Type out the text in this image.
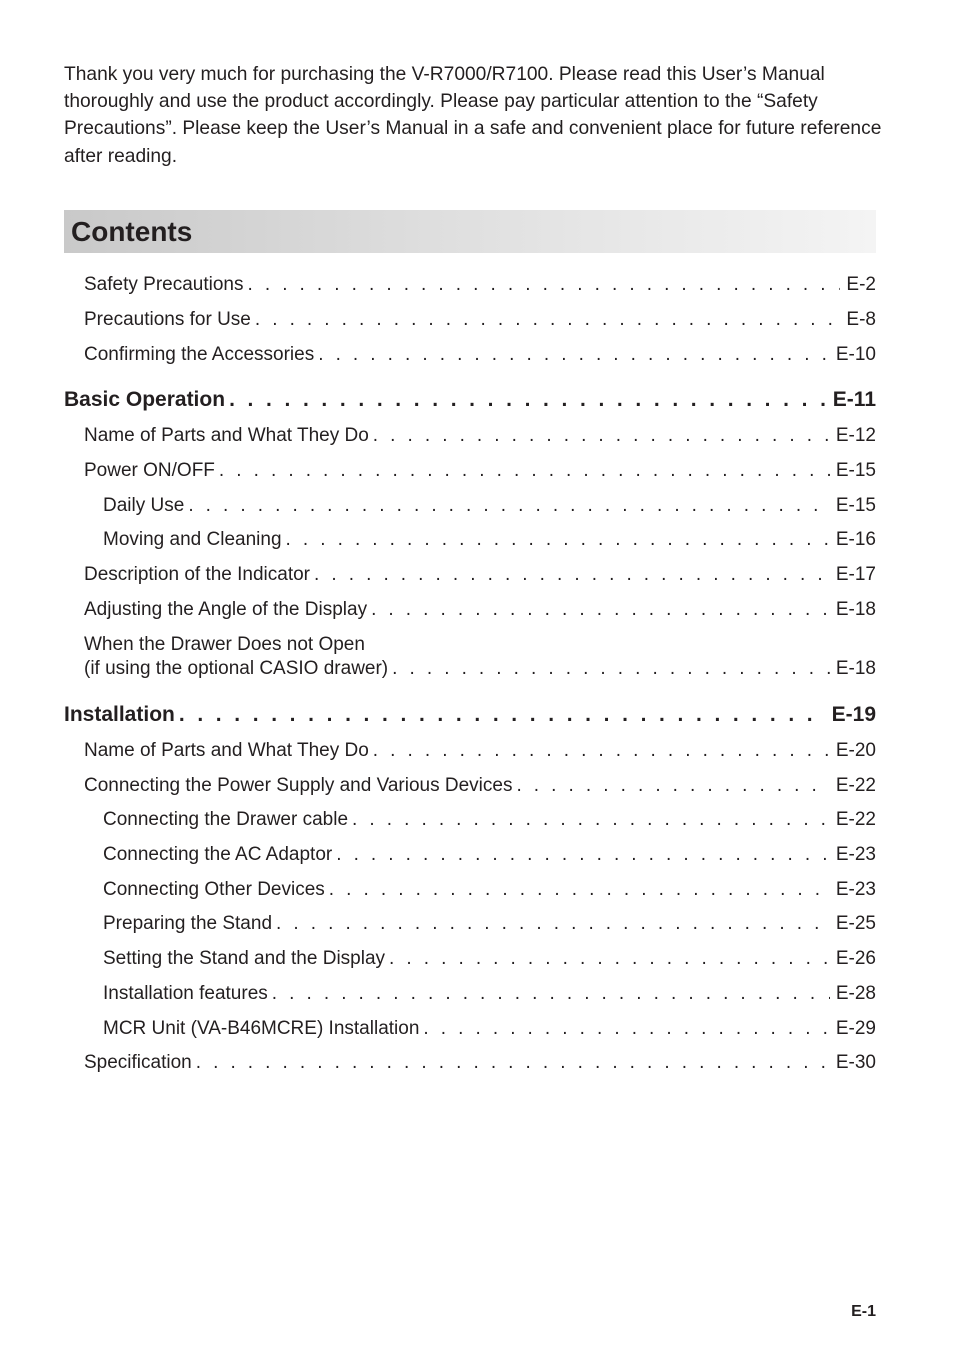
Thank you very much for purchasing the V-R7000/R7100. Please read this User’s Manual thoroughly and use the product accordingly. Please pay particular attention to the “Safety Precautions”. Please keep the User’s Manual in a safe and convenient place for future reference after reading.

Contents
Safety Precautions . . .	E-2
Precautions for Use . . .	E-8
Confirming the Accessories . . .	E-10
Basic Operation . . .	E-11
Name of Parts and What They Do . . .	E-12
Power ON/OFF . . .	E-15
Daily Use . . .	E-15
Moving and Cleaning . . .	E-16
Description of the Indicator . . .	E-17
Adjusting the Angle of the Display . . .	E-18
When the Drawer Does not Open
(if using the optional CASIO drawer) . . .	E-18
Installation . . .	E-19
Name of Parts and What They Do . . .	E-20
Connecting the Power Supply and Various Devices . . .	E-22
Connecting the Drawer cable . . .	E-22
Connecting the AC Adaptor . . .	E-23
Connecting Other Devices . . .	E-23
Preparing the Stand . . .	E-25
Setting the Stand and the Display . . .	E-26
Installation features . . .	E-28
MCR Unit (VA-B46MCRE) Installation . . .	E-29
Specification . . .	E-30
E-1
